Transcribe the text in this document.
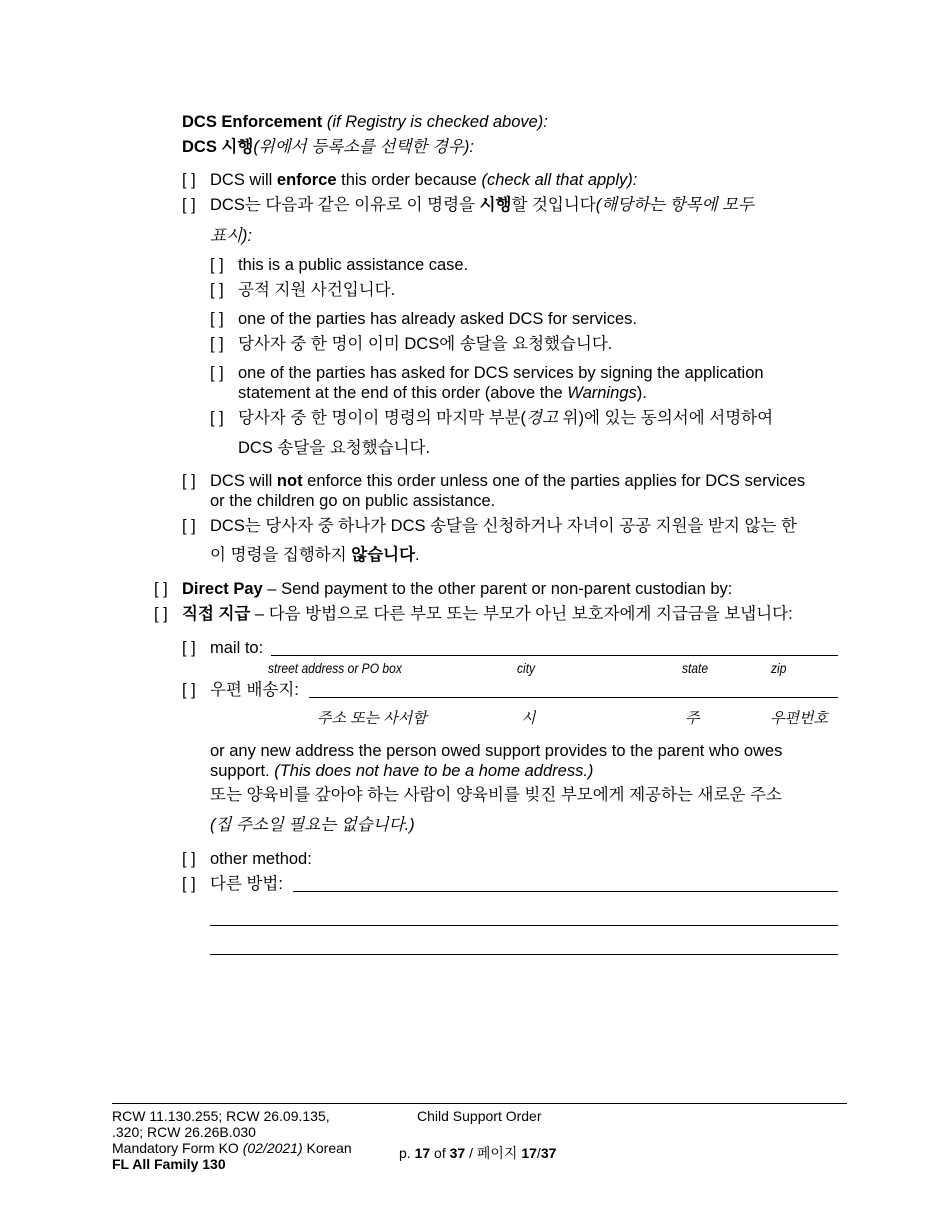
DCS Enforcement (if Registry is checked above):
DCS 시행(위에서 등록소를 선택한 경우):
[ ] DCS will enforce this order because (check all that apply):
[ ] DCS는 다음과 같은 이유로 이 명령을 시행할 것입니다(해당하는 항목에 모두
표시):
[ ] this is a public assistance case.
[ ] 공적 지원 사건입니다.
[ ] one of the parties has already asked DCS for services.
[ ] 당사자 중 한 명이 이미 DCS에 송달을 요청했습니다.
[ ] one of the parties has asked for DCS services by signing the application
statement at the end of this order (above the Warnings).
[ ] 당사자 중 한 명이이 명령의 마지막 부분(경고 위)에 있는 동의서에 서명하여
DCS 송달을 요청했습니다.
[ ] DCS will not enforce this order unless one of the parties applies for DCS services
or the children go on public assistance.
[ ] DCS는 당사자 중 하나가 DCS 송달을 신청하거나 자녀이 공공 지원을 받지 않는 한
이 명령을 집행하지 않습니다.
[ ] Direct Pay – Send payment to the other parent or non-parent custodian by:
[ ] 직접 지급 – 다음 방법으로 다른 부모 또는 부모가 아닌 보호자에게 지급금을 보냅니다:
[ ] mail to:
street address or PO box	city	state	zip
[ ] 우편 배송지:
주소 또는 사서함	시	주	우편번호
or any new address the person owed support provides to the parent who owes
support. (This does not have to be a home address.)
또는 양육비를 갚아야 하는 사람이 양육비를 빚진 부모에게 제공하는 새로운 주소
(집 주소일 필요는 없습니다.)
[ ] other method:
[ ] 다른 방법:
RCW 11.130.255; RCW 26.09.135,
.320; RCW 26.26B.030
Mandatory Form KO (02/2021) Korean
FL All Family 130
Child Support Order
p. 17 of 37 / 페이지 17/37
